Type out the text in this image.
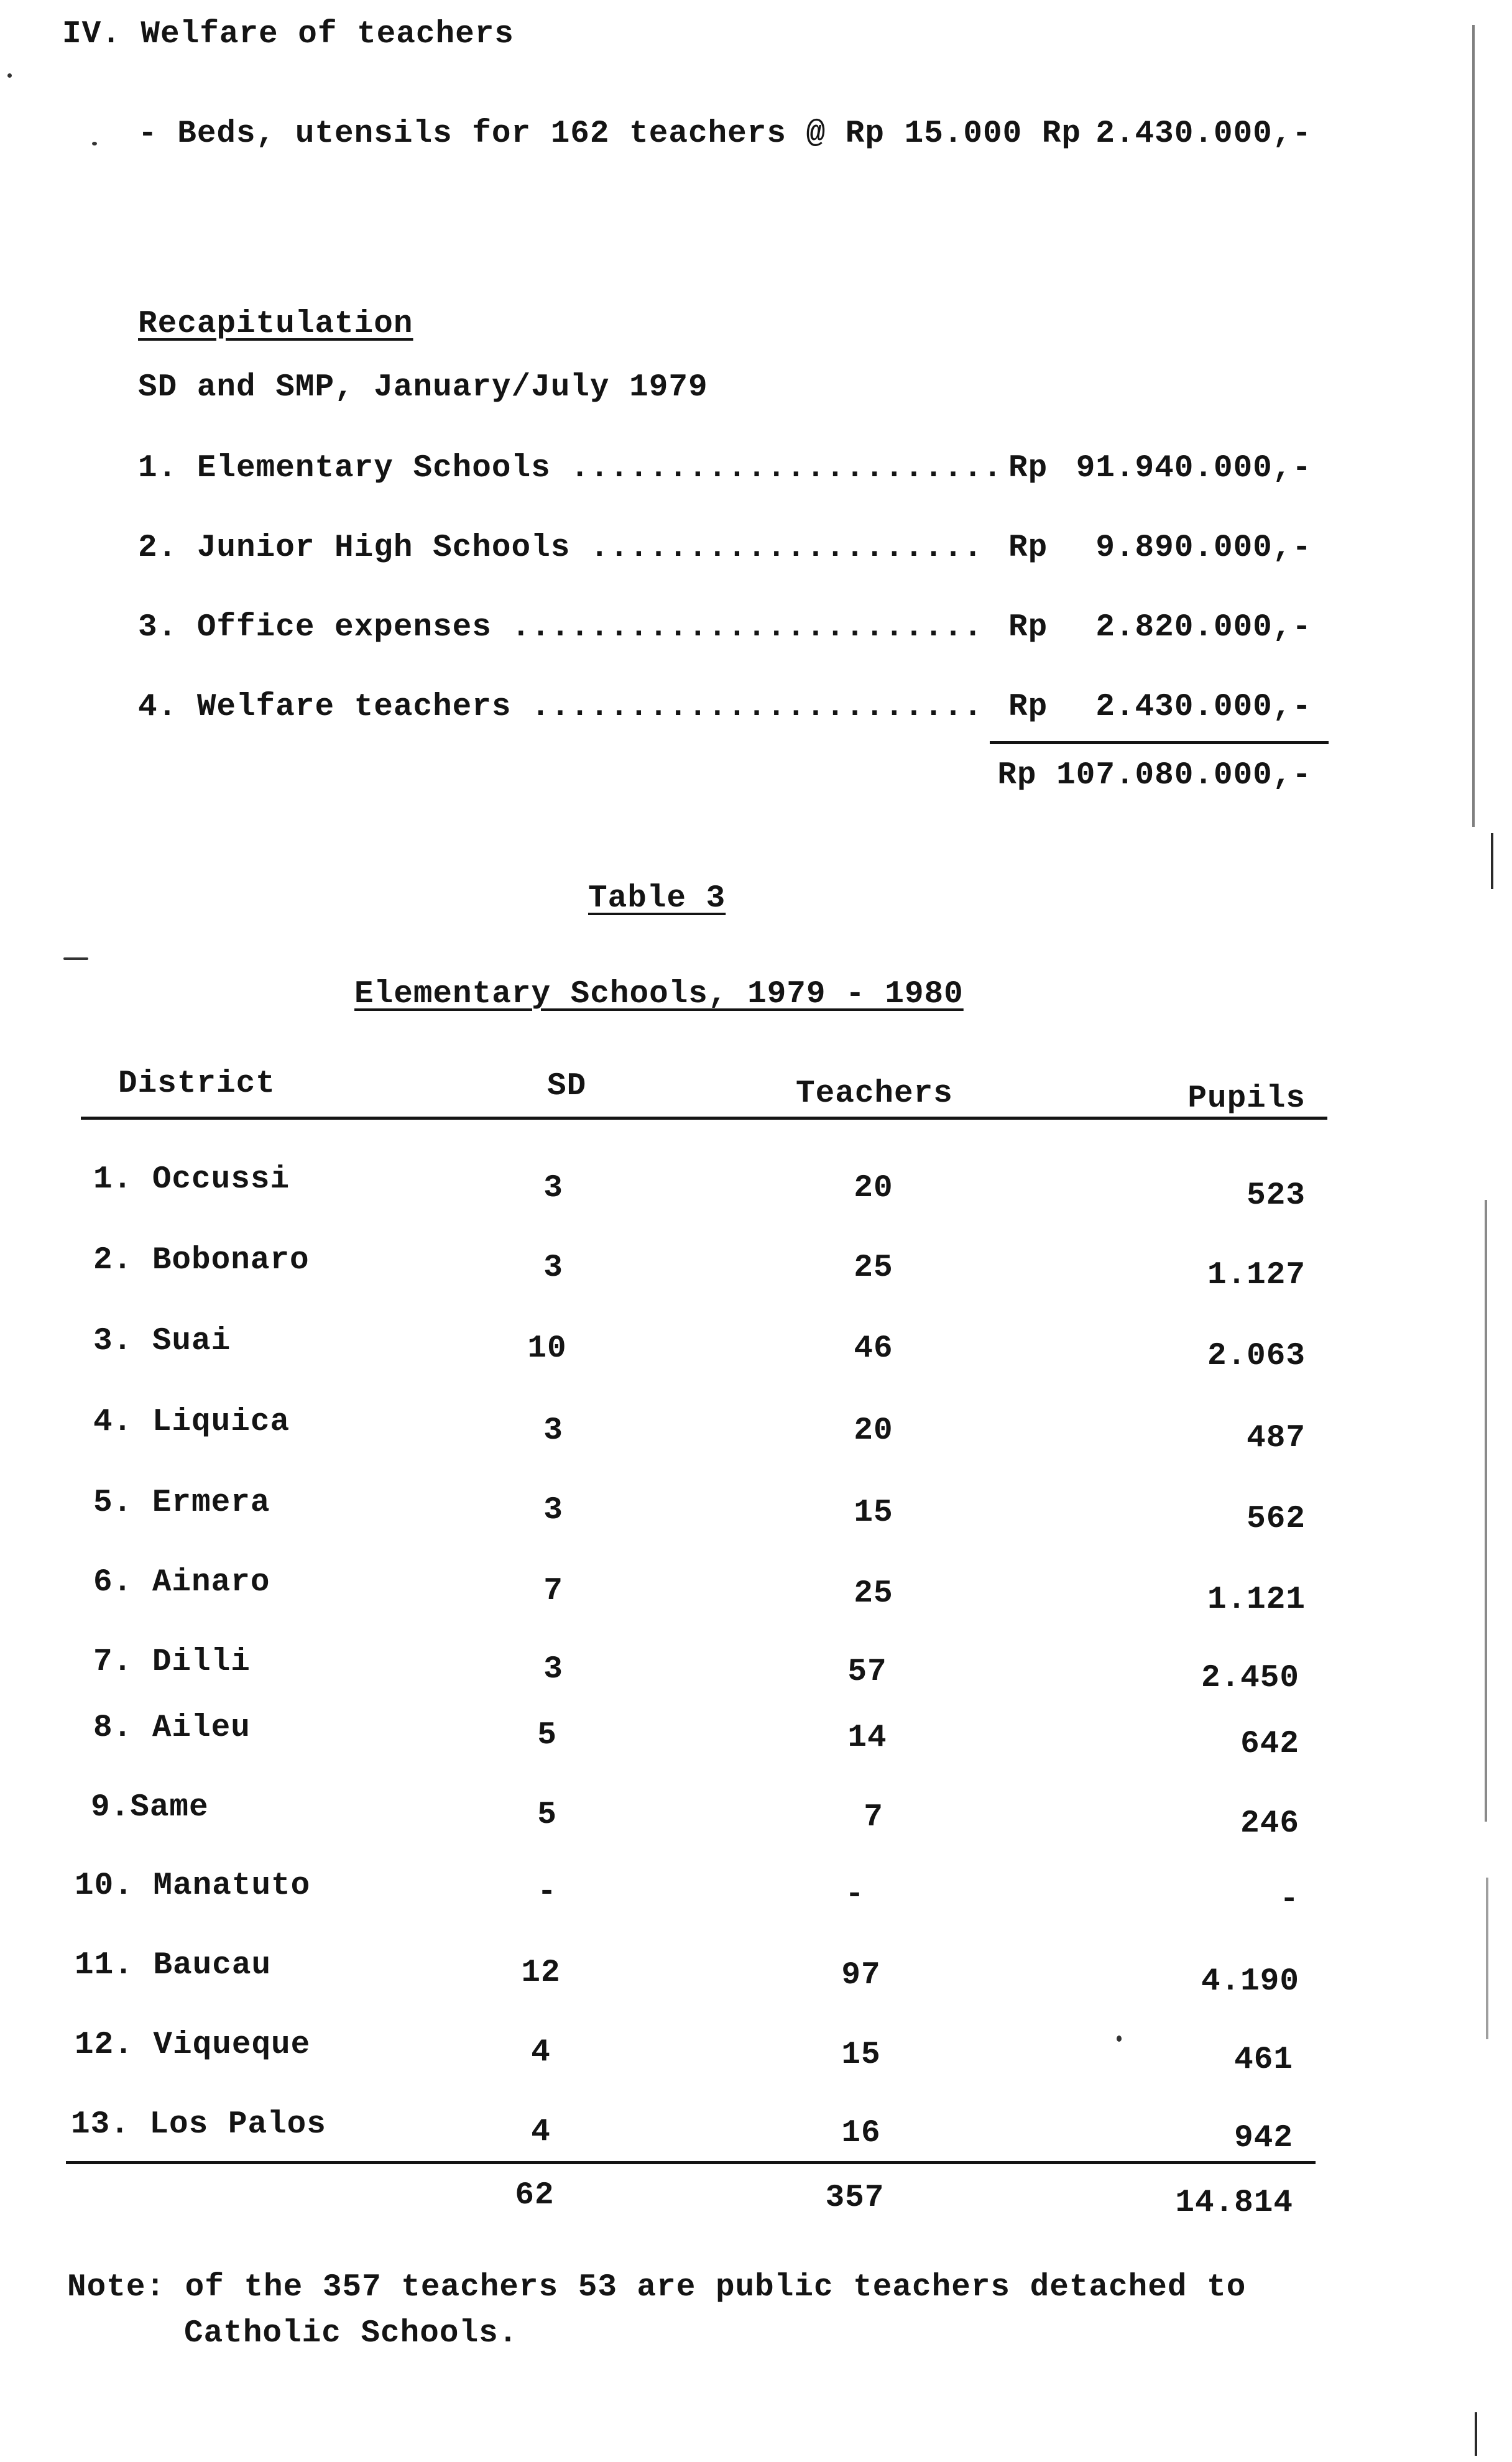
IV. Welfare of teachers
- Beds, utensils for 162 teachers @ Rp 15.000 Rp 2.430.000,-
Recapitulation
SD and SMP, January/July 1979
1. Elementary Schools ...................... Rp 91.940.000,-
2. Junior High Schools .................... Rp	9.890.000,-
3. Office expenses ........................ Rp	2.820.000,-
4. Welfare teachers ....................... Rp	2.430.000,-
Rp 107.080.000,-
Table 3
Elementary Schools, 1979 - 1980
District	SD	Teachers	Pupils
1. Occussi	3	20	523
2. Bobonaro	3	25	1.127
3. Suai	10	46	2.063
4. Liquica	3	20	487
5. Ermera	3	15	562
6. Ainaro	7	25	1.121
7. Dilli	3	57	2.450
8. Aileu	5	14	642
9.Same	5	7	246
10. Manatuto	-	-	-
11. Baucau	12	97	4.190
12. Viqueque	4	15	461
13. Los Palos	4	16	942
62	357	14.814
Note: of the 357 teachers 53 are public teachers detached to
Catholic Schools.
